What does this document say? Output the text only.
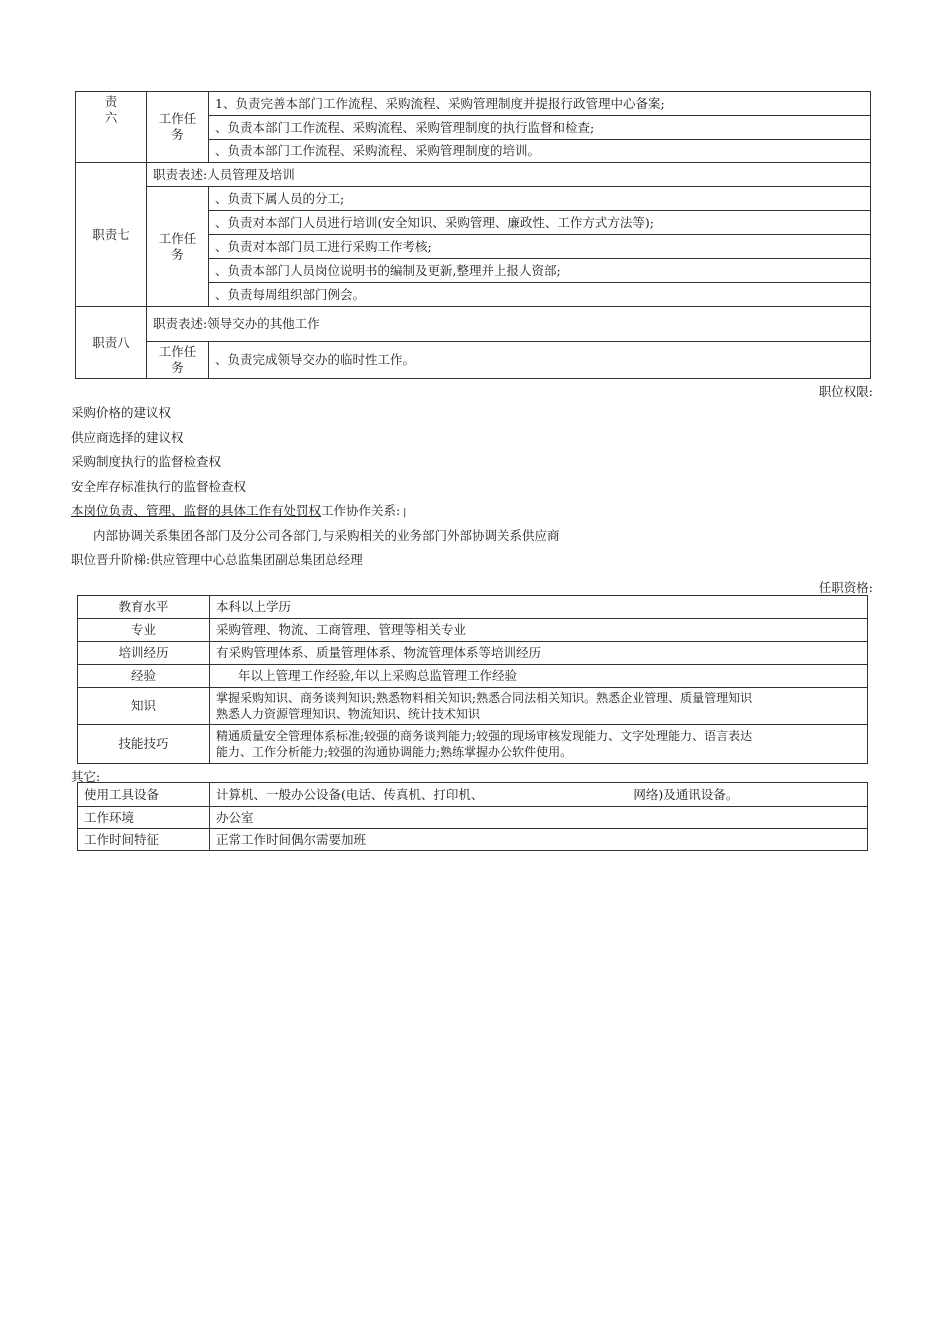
责
六	工作任务	1、负责完善本部门工作流程、采购流程、采购管理制度并提报行政管理中心备案;
		、负责本部门工作流程、采购流程、采购管理制度的执行监督和检查;
		、负责本部门工作流程、采购流程、采购管理制度的培训。
职责七	职责表述:人员管理及培训	
	工作任务	、负责下属人员的分工;
		、负责对本部门人员进行培训(安全知识、采购管理、廉政性、工作方式方法等);
		、负责对本部门员工进行采购工作考核;
		、负责本部门人员岗位说明书的编制及更新,整理并上报人资部;
		、负责每周组织部门例会。
职责八	职责表述:领导交办的其他工作	
	工作任务	、负责完成领导交办的临时性工作。
职位权限:
采购价格的建议权
供应商选择的建议权
采购制度执行的监督检查权
安全库存标准执行的监督检查权
本岗位负责、管理、监督的具体工作有处罚权工作协作关系: |
内部协调关系集团各部门及分公司各部门,与采购相关的业务部门外部协调关系供应商
职位晋升阶梯:供应管理中心总监集团副总集团总经理
任职资格:
教育水平	本科以上学历
专业	采购管理、物流、工商管理、管理等相关专业
培训经历	有采购管理体系、质量管理体系、物流管理体系等培训经历
经验	年以上管理工作经验,年以上采购总监管理工作经验
知识	掌握采购知识、商务谈判知识;熟悉物料相关知识;熟悉合同法相关知识。熟悉企业管理、质量管理知识
熟悉人力资源管理知识、物流知识、统计技术知识

技能技巧	精通质量安全管理体系标准;较强的商务谈判能力;较强的现场审核发现能力、文字处理能力、语言表达
能力、工作分析能力;较强的沟通协调能力;熟练掌握办公软件使用。
其它:
使用工具设备	计算机、一般办公设备(电话、传真机、打印机、 网络)及通讯设备。
工作环境	办公室
工作时间特征	正常工作时间偶尔需要加班
